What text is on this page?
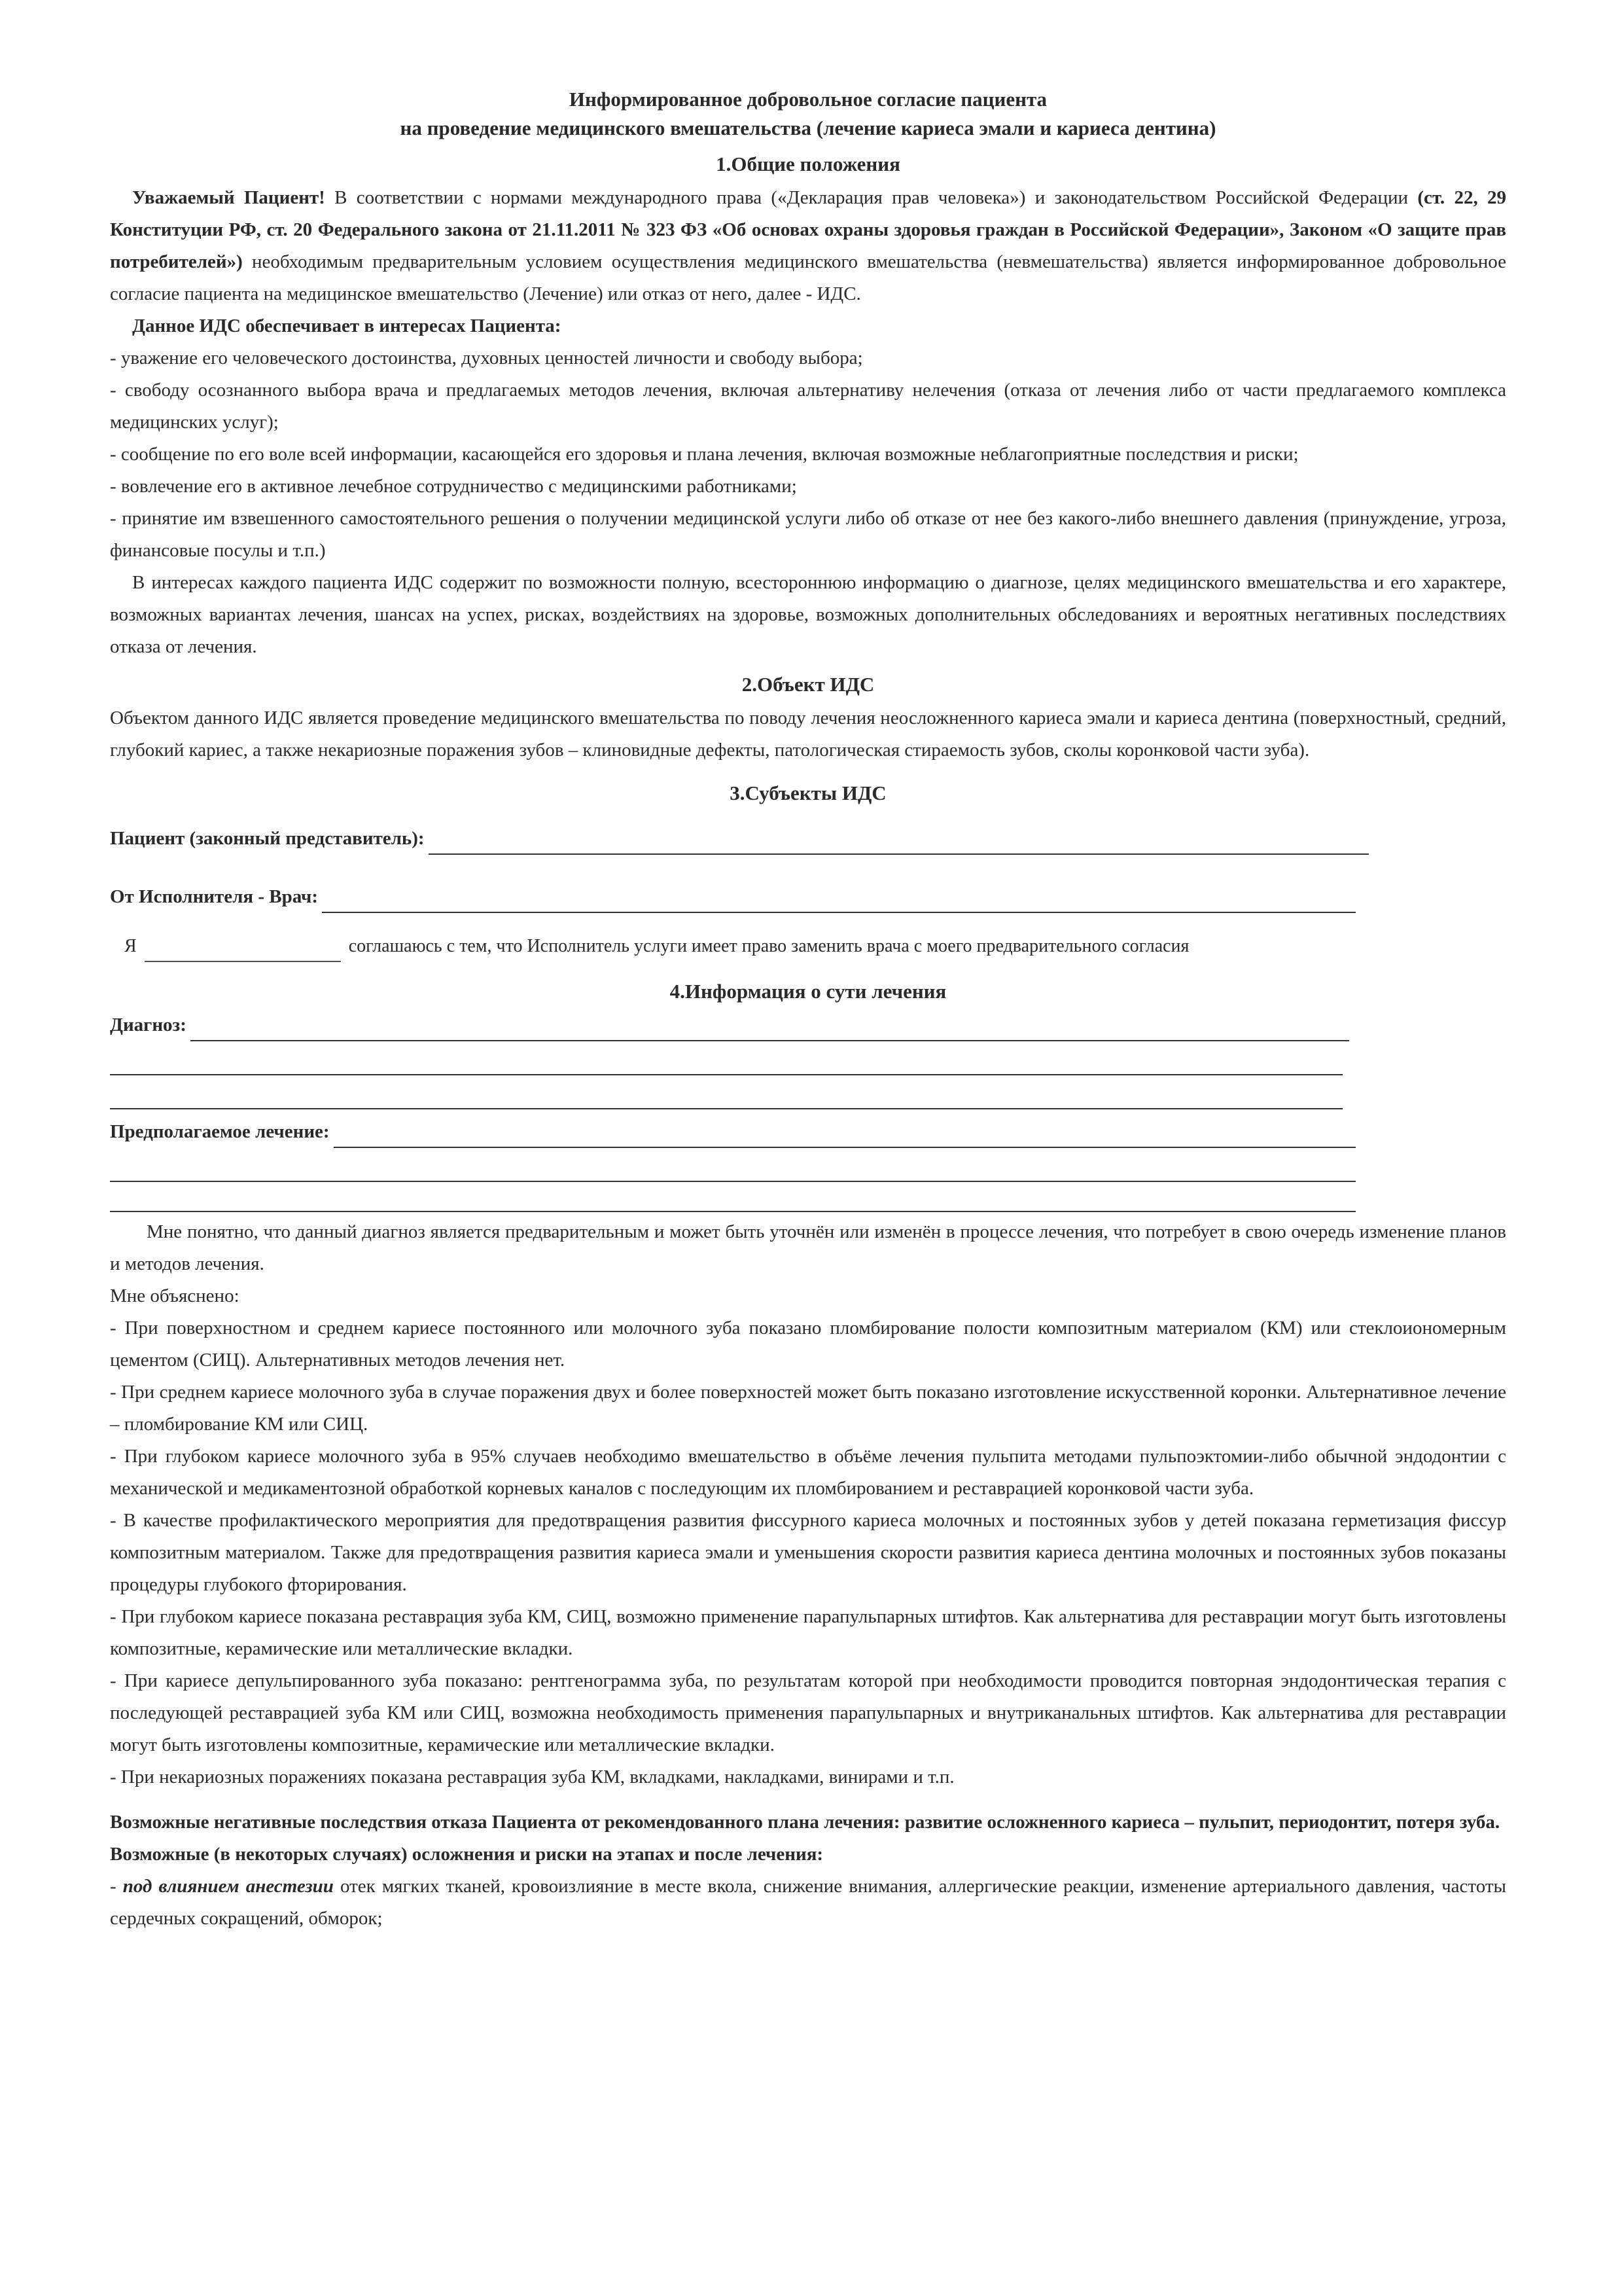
Информированное добровольное согласие пациента

на проведение медицинского вмешательства (лечение кариеса эмали и кариеса дентина)

1.Общие положения

Уважаемый Пациент! В соответствии с нормами международного права («Декларация прав человека») и законодательством Российской Федерации (ст. 22, 29 Конституции РФ, ст. 20 Федерального закона от 21.11.2011 № 323 ФЗ «Об основах охраны здоровья граждан в Российской Федерации», Законом «О защите прав потребителей») необходимым предварительным условием осуществления медицинского вмешательства (невмешательства) является информированное добровольное согласие пациента на медицинское вмешательство (Лечение) или отказ от него, далее - ИДС.

Данное ИДС обеспечивает в интересах Пациента:

- уважение его человеческого достоинства, духовных ценностей личности и свободу выбора;

- свободу осознанного выбора врача и предлагаемых методов лечения, включая альтернативу нелечения (отказа от лечения либо от части предлагаемого комплекса медицинских услуг);

- сообщение по его воле всей информации, касающейся его здоровья и плана лечения, включая возможные неблагоприятные последствия и риски;

- вовлечение его в активное лечебное сотрудничество с медицинскими работниками;

- принятие им взвешенного самостоятельного решения о получении медицинской услуги либо об отказе от нее без какого-либо внешнего давления (принуждение, угроза, финансовые посулы и т.п.)

В интересах каждого пациента ИДС содержит по возможности полную, всестороннюю информацию о диагнозе, целях медицинского вмешательства и его характере, возможных вариантах лечения, шансах на успех, рисках, воздействиях на здоровье, возможных дополнительных обследованиях и вероятных негативных последствиях отказа от лечения.

2.Объект ИДС

Объектом данного ИДС является проведение медицинского вмешательства по поводу лечения неосложненного кариеса эмали и кариеса дентина (поверхностный, средний, глубокий кариес, а также некариозные поражения зубов – клиновидные дефекты, патологическая стираемость зубов, сколы коронковой части зуба).

3.Субъекты ИДС

Пациент (законный представитель):
От Исполнителя - Врач:
Я	соглашаюсь с тем, что Исполнитель услуги имеет право заменить врача с моего предварительного согласия

4.Информация о сути лечения

Диагноз:
Предполагаемое лечение:

Мне понятно, что данный диагноз является предварительным и может быть уточнён или изменён в процессе лечения, что потребует в свою очередь изменение планов и методов лечения.

Мне объяснено:

- При поверхностном и среднем кариесе постоянного или молочного зуба показано пломбирование полости композитным материалом (КМ) или стеклоиономерным цементом (СИЦ). Альтернативных методов лечения нет.

- При среднем кариесе молочного зуба в случае поражения двух и более поверхностей может быть показано изготовление искусственной коронки. Альтернативное лечение – пломбирование КМ или СИЦ.

- При глубоком кариесе молочного зуба в 95% случаев необходимо вмешательство в объёме лечения пульпита методами пульпоэктомии-либо обычной эндодонтии с механической и медикаментозной обработкой корневых каналов с последующим их пломбированием и реставрацией коронковой части зуба.

- В качестве профилактического мероприятия для предотвращения развития фиссурного кариеса молочных и постоянных зубов у детей показана герметизация фиссур композитным материалом. Также для предотвращения развития кариеса эмали и уменьшения скорости развития кариеса дентина молочных и постоянных зубов показаны процедуры глубокого фторирования.

- При глубоком кариесе показана реставрация зуба КМ, СИЦ, возможно применение парапульпарных штифтов. Как альтернатива для реставрации могут быть изготовлены композитные, керамические или металлические вкладки.

- При кариесе депульпированного зуба показано: рентгенограмма зуба, по результатам которой при необходимости проводится повторная эндодонтическая терапия с последующей реставрацией зуба КМ или СИЦ, возможна необходимость применения парапульпарных и внутриканальных штифтов. Как альтернатива для реставрации могут быть изготовлены композитные, керамические или металлические вкладки.

- При некариозных поражениях показана реставрация зуба КМ, вкладками, накладками, винирами и т.п.

Возможные негативные последствия отказа Пациента от рекомендованного плана лечения: развитие осложненного кариеса – пульпит, периодонтит, потеря зуба.

Возможные (в некоторых случаях) осложнения и риски на этапах и после лечения:

- под влиянием анестезии отек мягких тканей, кровоизлияние в месте вкола, снижение внимания, аллергические реакции, изменение артериального давления, частоты сердечных сокращений, обморок;
